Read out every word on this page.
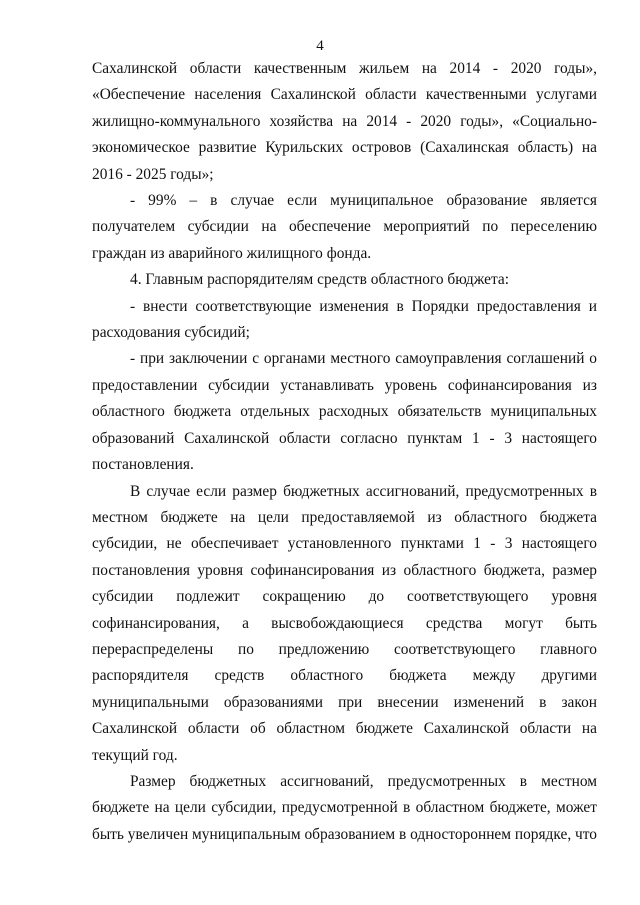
4

Сахалинской области качественным жильем на 2014 - 2020 годы», «Обеспечение населения Сахалинской области качественными услугами жилищно-коммунального хозяйства на 2014 - 2020 годы», «Социально-экономическое развитие Курильских островов (Сахалинская область) на 2016 - 2025 годы»;

- 99% – в случае если муниципальное образование является получателем субсидии на обеспечение мероприятий по переселению граждан из аварийного жилищного фонда.

4. Главным распорядителям средств областного бюджета:

- внести соответствующие изменения в Порядки предоставления и расходования субсидий;

- при заключении с органами местного самоуправления соглашений о предоставлении субсидии устанавливать уровень софинансирования из областного бюджета отдельных расходных обязательств муниципальных образований Сахалинской области согласно пунктам 1 - 3 настоящего постановления.

В случае если размер бюджетных ассигнований, предусмотренных в местном бюджете на цели предоставляемой из областного бюджета субсидии, не обеспечивает установленного пунктами 1 - 3 настоящего постановления уровня софинансирования из областного бюджета, размер субсидии подлежит сокращению до соответствующего уровня софинансирования, а высвобождающиеся средства могут быть перераспределены по предложению соответствующего главного распорядителя средств областного бюджета между другими муниципальными образованиями при внесении изменений в закон Сахалинской области об областном бюджете Сахалинской области на текущий год.

Размер бюджетных ассигнований, предусмотренных в местном бюджете на цели субсидии, предусмотренной в областном бюджете, может быть увеличен муниципальным образованием в одностороннем порядке, что
